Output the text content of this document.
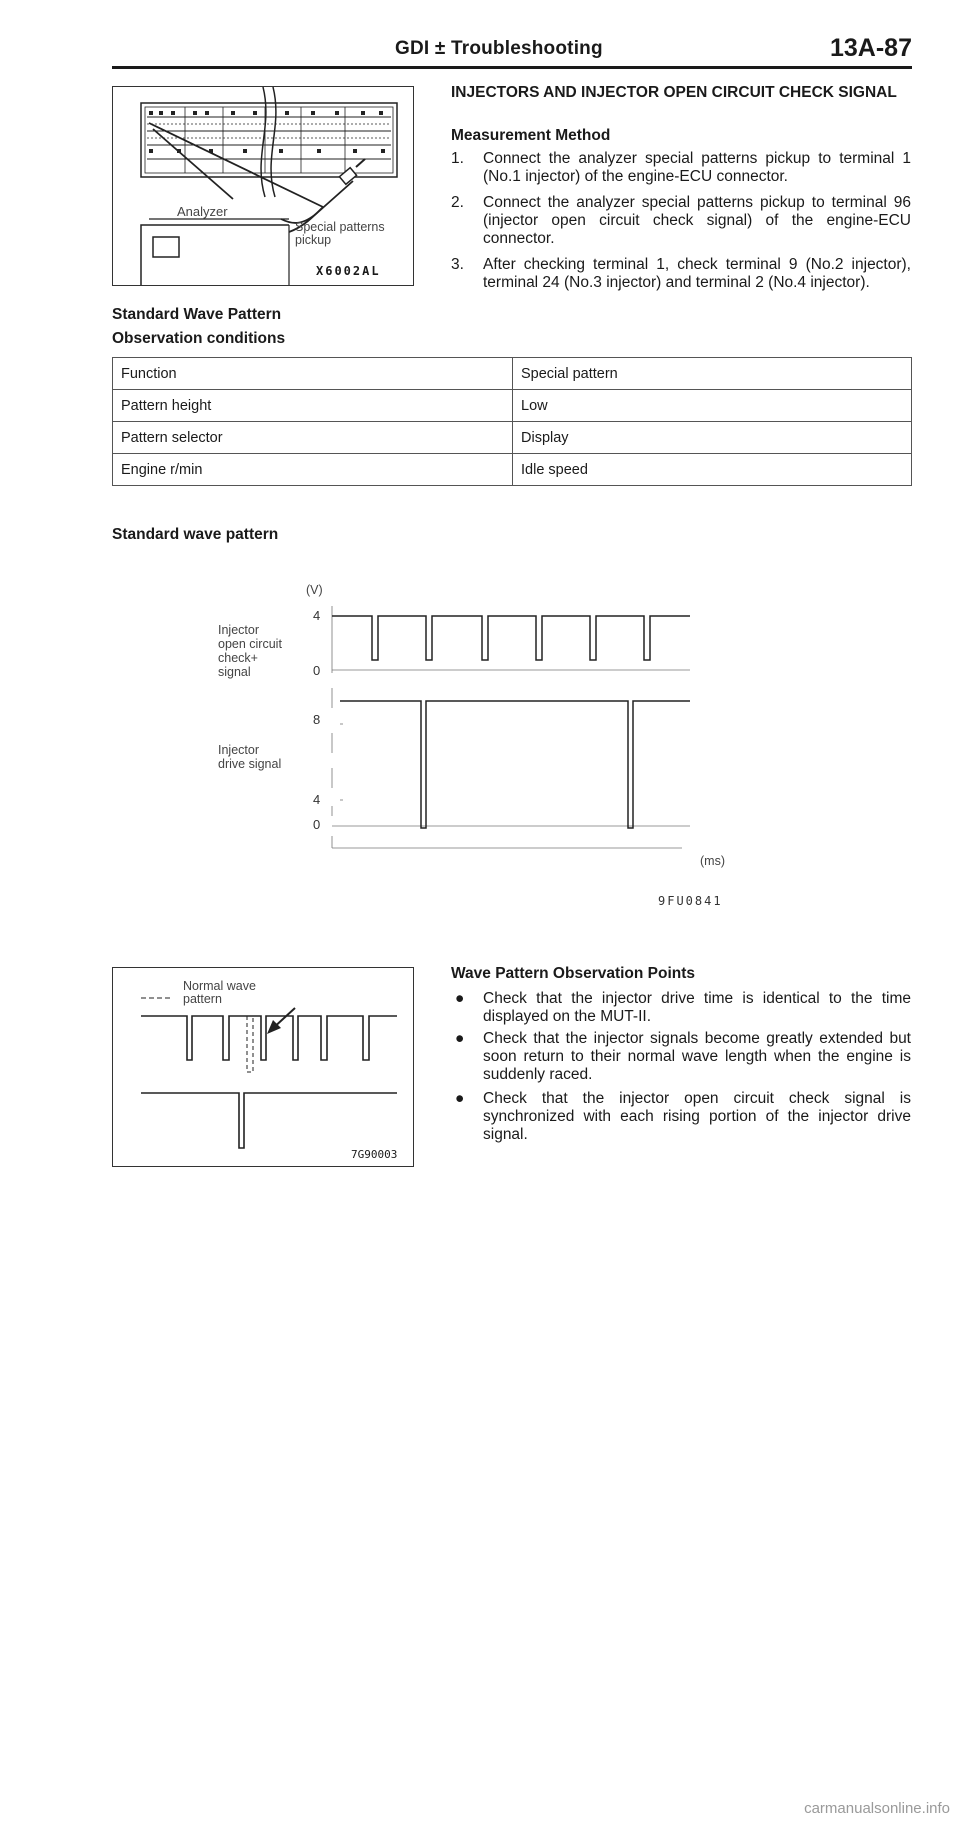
GDI ± Troubleshooting	13A-87
Analyzer
Special patterns
pickup
X6002AL
INJECTORS AND INJECTOR OPEN CIRCUIT CHECK SIGNAL
Measurement Method
1. Connect the analyzer special patterns pickup to terminal 1 (No.1 injector) of the engine-ECU connector.
2. Connect the analyzer special patterns pickup to terminal 96 (injector open circuit check signal) of the engine-ECU connector.
3. After checking terminal 1, check terminal 9 (No.2 injector), terminal 24 (No.3 injector) and terminal 2 (No.4 injector).
Standard Wave Pattern
Observation conditions
Function	Special pattern
Pattern height	Low
Pattern selector	Display
Engine r/min	Idle speed
Standard wave pattern
Injector
open circuit
check+
signal
Injector
drive signal
(V)
4
0
8
4
0
(ms)
9FU0841
Normal wave
pattern
7G90003
Wave Pattern Observation Points
● Check that the injector drive time is identical to the time displayed on the MUT-II.
● Check that the injector signals become greatly extended but soon return to their normal wave length when the engine is suddenly raced.
● Check that the injector open circuit check signal is synchronized with each rising portion of the injector drive signal.
carmanualsonline.info
